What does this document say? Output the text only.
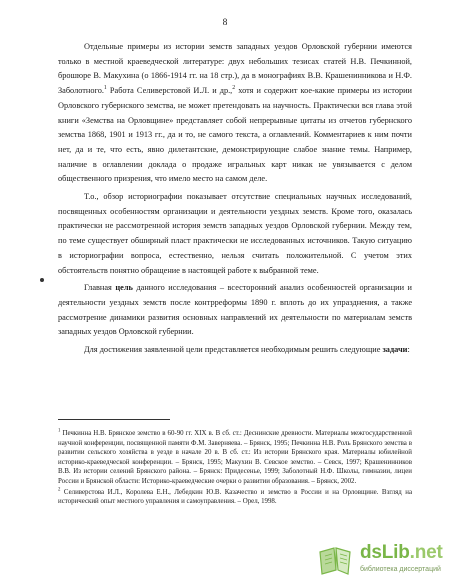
8

Отдельные примеры из истории земств западных уездов Орловской губернии имеются только в местной краеведческой литературе: двух небольших тезисах статей Н.В. Печкинной, брошюре В. Макухина (о 1866-1914 гг. на 18 стр.), да в монографиях В.В. Крашенинникова и Н.Ф. Заболотного.$^1$ Работа Селиверстовой И.Л. и др.,$^2$ хотя и содержит кое-какие примеры из истории Орловского губернского земства, не может претендовать на научность. Практически вся глава этой книги «Земства на Орловщине» представляет собой непрерывные цитаты из отчетов губернского земства 1868, 1901 и 1913 гг., да и то, не самого текста, а оглавлений. Комментариев к ним почти нет, да и те, что есть, явно дилетантские, демонстрирующие слабое знание темы. Например, наличие в оглавлении доклада о продаже игральных карт никак не увязывается с делом общественного призрения, что имело место на самом деле.

Т.о., обзор историографии показывает отсутствие специальных научных исследований, посвященных особенностям организации и деятельности уездных земств. Кроме того, оказалась практически не рассмотренной история земств западных уездов Орловской губернии. Между тем, по теме существует обширный пласт практически не исследованных источников. Такую ситуацию в историографии вопроса, естественно, нельзя считать положительной. С учетом этих обстоятельств понятно обращение в настоящей работе к выбранной теме.

Главная цель данного исследования – всесторонний анализ особенностей организации и деятельности уездных земств после контрреформы 1890 г. вплоть до их упразднения, а также рассмотрение динамики развития основных направлений их деятельности по материалам земств западных уездов Орловской губернии.

Для достижения заявленной цели представляется необходимым решить следующие задачи:

$^1$ Печкинна Н.В. Брянское земство в 60-90 гг. XIX в. В сб. ст.: Деснинские древности. Материалы межгосударственной научной конференции, посвященной памяти Ф.М. Заверняева. – Брянск, 1995; Печкинна Н.В. Роль Брянского земства в развитии сельского хозяйства в уезде в начале 20 в. В сб. ст.: Из истории Брянского края. Материалы юбилейной историко-краеведческой конференции. – Брянск, 1995; Макухин В. Севское земство. – Севск, 1997; Крашенинников В.В. Из истории селений Брянского района. – Брянск: Придесенье, 1999; Заболотный Н.Ф. Школы, гимназии, лицеи России и Брянской области: Историко-краеведческие очерки о развитии образования. – Брянск, 2002.

$^2$ Селиверстова И.Л., Королева Е.Н., Лебедкин Ю.В. Казачество и земство в России и на Орловщине. Взгляд на исторический опыт местного управления и самоуправления. – Орел, 1998.

dsLib.net
библиотека диссертаций
